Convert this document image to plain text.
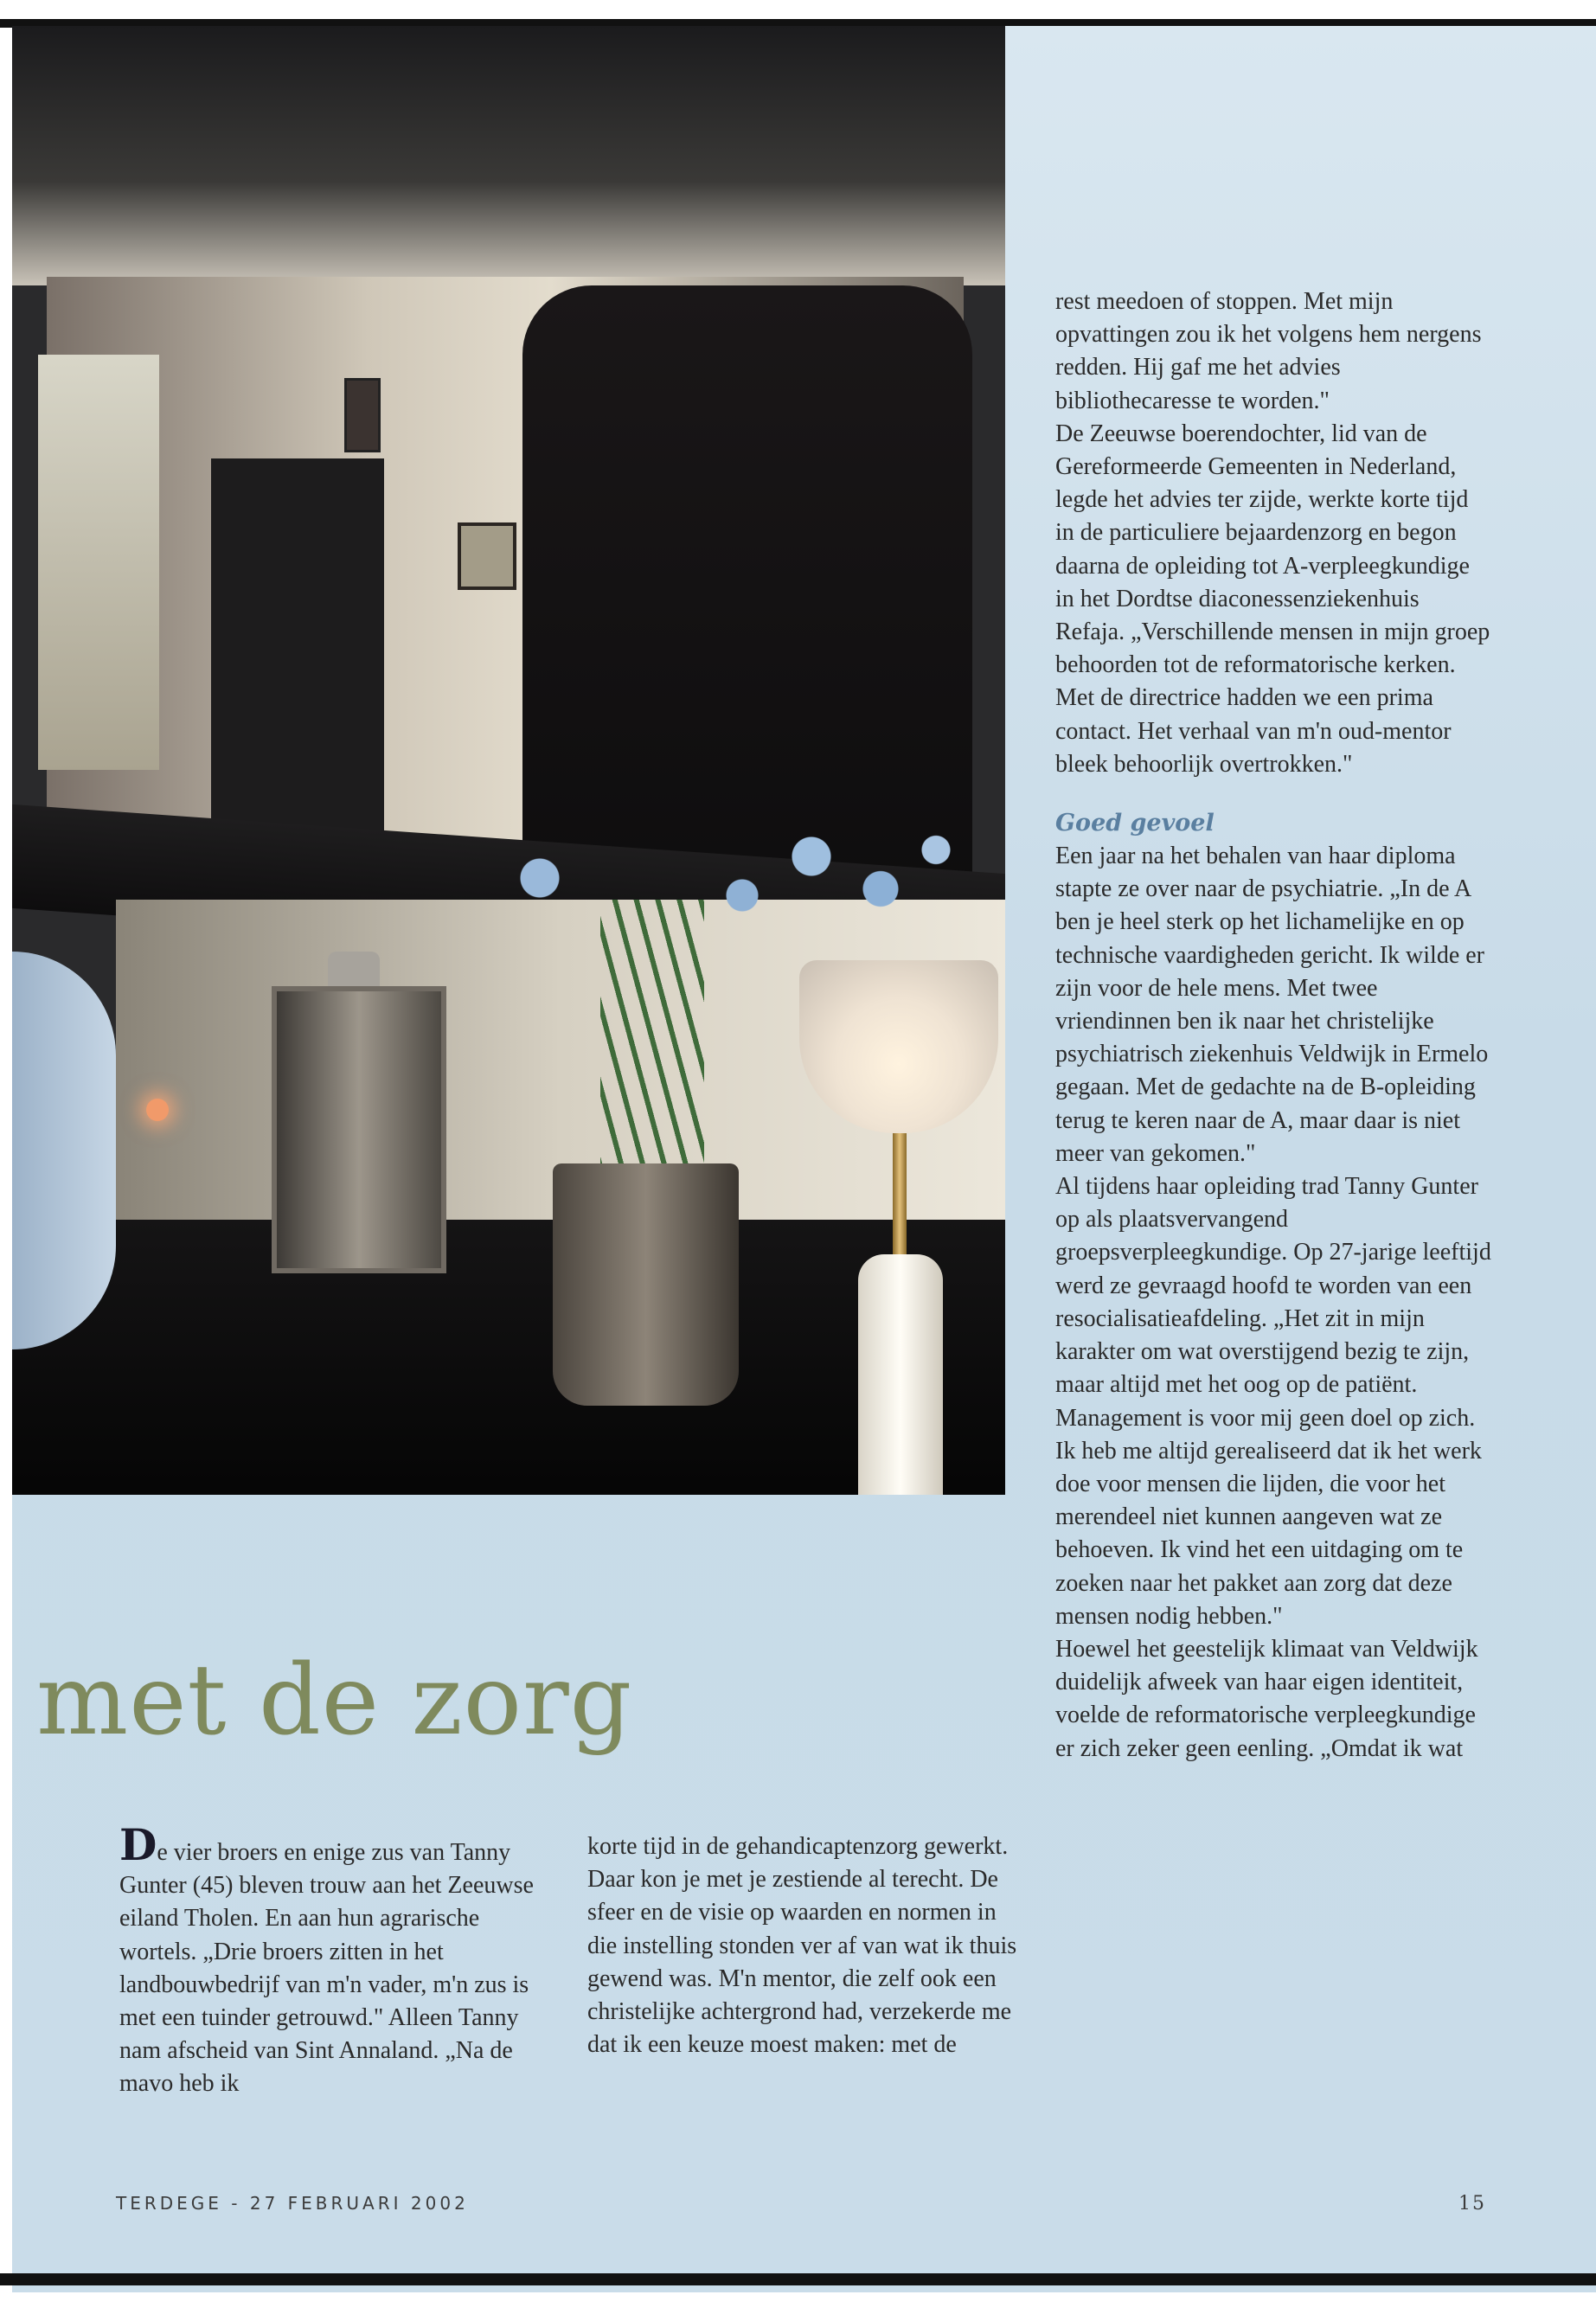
met de zorg
De vier broers en enige zus van Tanny Gunter (45) bleven trouw aan het Zeeuwse eiland Tholen. En aan hun agrarische wortels. „Drie broers zitten in het landbouwbedrijf van m'n vader, m'n zus is met een tuinder getrouwd." Alleen Tanny nam afscheid van Sint Annaland. „Na de mavo heb ik
korte tijd in de gehandicaptenzorg gewerkt. Daar kon je met je zestiende al terecht. De sfeer en de visie op waarden en normen in die instelling stonden ver af van wat ik thuis gewend was. M'n mentor, die zelf ook een christelijke achtergrond had, verzekerde me dat ik een keuze moest maken: met de

rest meedoen of stoppen. Met mijn opvattingen zou ik het volgens hem nergens redden. Hij gaf me het advies bibliothecaresse te worden."

De Zeeuwse boerendochter, lid van de Gereformeerde Gemeenten in Nederland, legde het advies ter zijde, werkte korte tijd in de particuliere bejaardenzorg en begon daarna de opleiding tot A-verpleegkundige in het Dordtse diaconessenziekenhuis Refaja. „Verschillende mensen in mijn groep behoorden tot de reformatorische kerken. Met de directrice hadden we een prima contact. Het verhaal van m'n oud-mentor bleek behoorlijk overtrokken."

Goed gevoel

Een jaar na het behalen van haar diploma stapte ze over naar de psychiatrie. „In de A ben je heel sterk op het lichamelijke en op technische vaardigheden gericht. Ik wilde er zijn voor de hele mens. Met twee vriendinnen ben ik naar het christelijke psychiatrisch ziekenhuis Veldwijk in Ermelo gegaan. Met de gedachte na de B-opleiding terug te keren naar de A, maar daar is niet meer van gekomen."

Al tijdens haar opleiding trad Tanny Gunter op als plaatsvervangend groepsverpleegkundige. Op 27-jarige leeftijd werd ze gevraagd hoofd te worden van een resocialisatieafdeling. „Het zit in mijn karakter om wat overstijgend bezig te zijn, maar altijd met het oog op de patiënt. Management is voor mij geen doel op zich. Ik heb me altijd gerealiseerd dat ik het werk doe voor mensen die lijden, die voor het merendeel niet kunnen aangeven wat ze behoeven. Ik vind het een uitdaging om te zoeken naar het pakket aan zorg dat deze mensen nodig hebben."

Hoewel het geestelijk klimaat van Veldwijk duidelijk afweek van haar eigen identiteit, voelde de reformatorische verpleegkundige er zich zeker geen eenling. „Omdat ik wat

TERDEGE - 27 FEBRUARI 2002	15
